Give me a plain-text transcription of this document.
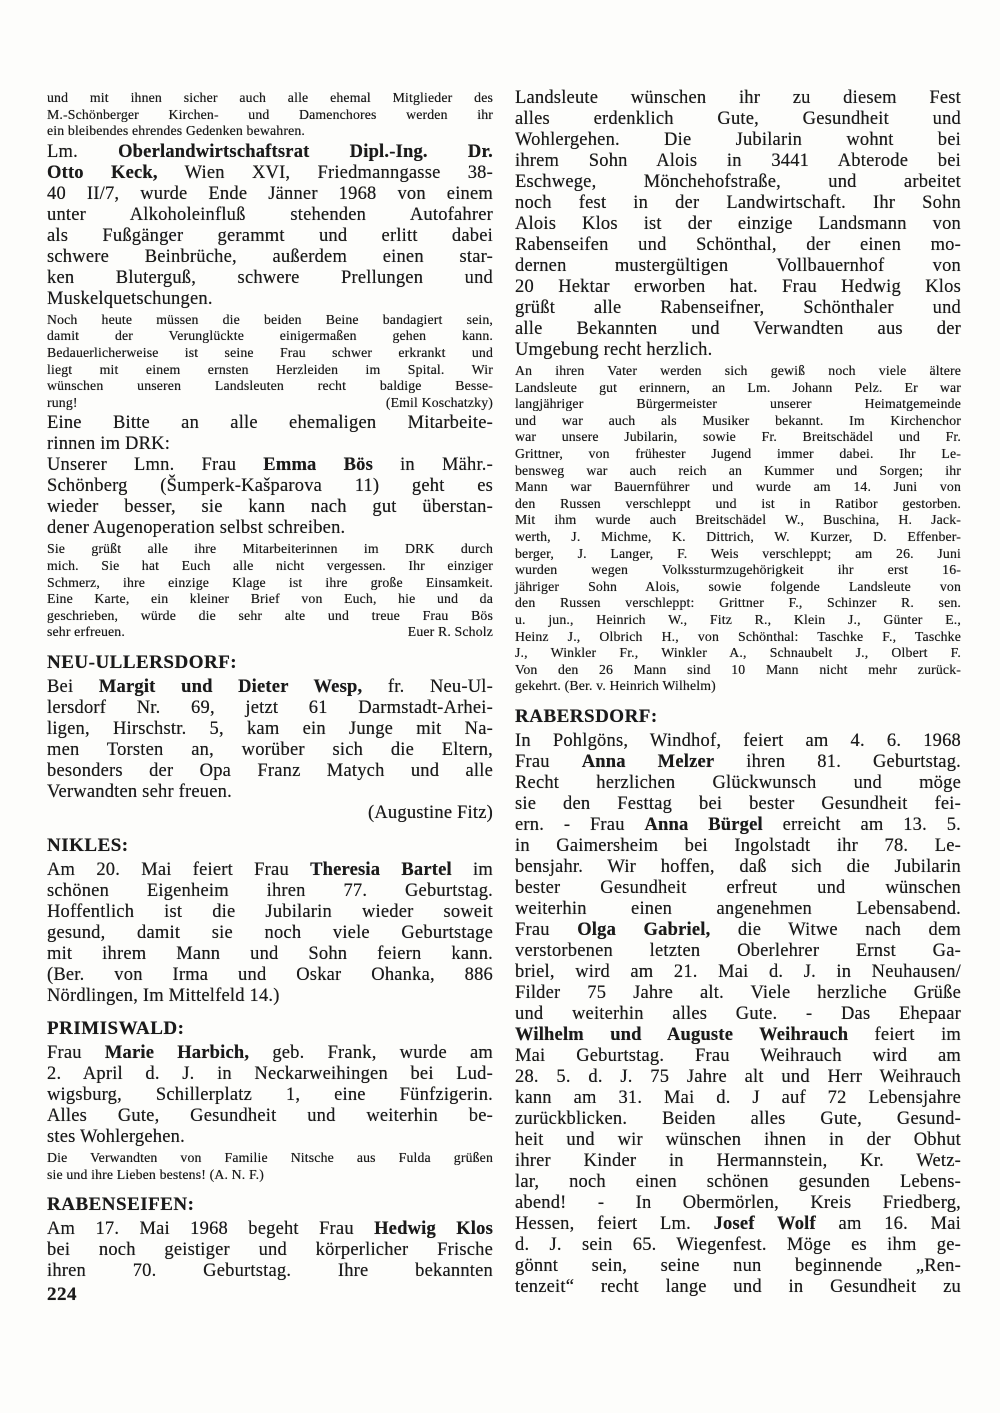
und mit ihnen sicher auch alle ehemal Mitglieder des
M.-Schönberger Kirchen- und Damenchores werden ihr
ein bleibendes ehrendes Gedenken bewahren.
Lm. Oberlandwirtschaftsrat Dipl.-Ing. Dr.
Otto Keck, Wien XVI, Friedmanngasse 38-
40 II/7, wurde Ende Jänner 1968 von einem
unter Alkoholeinfluß stehenden Autofahrer
als Fußgänger gerammt und erlitt dabei
schwere Beinbrüche, außerdem einen star-
ken Bluterguß, schwere Prellungen und
Muskelquetschungen.
Noch heute müssen die beiden Beine bandagiert sein,
damit der Verunglückte einigermaßen gehen kann.
Bedauerlicherweise ist seine Frau schwer erkrankt und
liegt mit einem ernsten Herzleiden im Spital. Wir
wünschen unseren Landsleuten recht baldige Besse-
rung!	(Emil Koschatzky)
Eine Bitte an alle ehemaligen Mitarbeite-
rinnen im DRK:
Unserer Lmn. Frau Emma Bös in Mähr.-
Schönberg (Šumperk-Kašparova 11) geht es
wieder besser, sie kann nach gut überstan-
dener Augenoperation selbst schreiben.
Sie grüßt alle ihre Mitarbeiterinnen im DRK durch
mich. Sie hat Euch alle nicht vergessen. Ihr einziger
Schmerz, ihre einzige Klage ist ihre große Einsamkeit.
Eine Karte, ein kleiner Brief von Euch, hie und da
geschrieben, würde die sehr alte und treue Frau Bös
sehr erfreuen.	Euer R. Scholz
NEU-ULLERSDORF:
Bei Margit und Dieter Wesp, fr. Neu-Ul-
lersdorf Nr. 69, jetzt 61 Darmstadt-Arhei-
ligen, Hirschstr. 5, kam ein Junge mit Na-
men Torsten an, worüber sich die Eltern,
besonders der Opa Franz Matych und alle
Verwandten sehr freuen.
(Augustine Fitz)
NIKLES:
Am 20. Mai feiert Frau Theresia Bartel im
schönen Eigenheim ihren 77. Geburtstag.
Hoffentlich ist die Jubilarin wieder soweit
gesund, damit sie noch viele Geburtstage
mit ihrem Mann und Sohn feiern kann.
(Ber. von Irma und Oskar Ohanka, 886
Nördlingen, Im Mittelfeld 14.)
PRIMISWALD:
Frau Marie Harbich, geb. Frank, wurde am
2. April d. J. in Neckarweihingen bei Lud-
wigsburg, Schillerplatz 1, eine Fünfzigerin.
Alles Gute, Gesundheit und weiterhin be-
stes Wohlergehen.
Die Verwandten von Familie Nitsche aus Fulda grüßen
sie und ihre Lieben bestens! (A. N. F.)
RABENSEIFEN:
Am 17. Mai 1968 begeht Frau Hedwig Klos
bei noch geistiger und körperlicher Frische
ihren 70. Geburtstag. Ihre bekannten
Landsleute wünschen ihr zu diesem Fest
alles erdenklich Gute, Gesundheit und
Wohlergehen. Die Jubilarin wohnt bei
ihrem Sohn Alois in 3441 Abterode bei
Eschwege, Mönchehofstraße, und arbeitet
noch fest in der Landwirtschaft. Ihr Sohn
Alois Klos ist der einzige Landsmann von
Rabenseifen und Schönthal, der einen mo-
dernen mustergültigen Vollbauernhof von
20 Hektar erworben hat. Frau Hedwig Klos
grüßt alle Rabenseifner, Schönthaler und
alle Bekannten und Verwandten aus der
Umgebung recht herzlich.
An ihren Vater werden sich gewiß noch viele ältere
Landsleute gut erinnern, an Lm. Johann Pelz. Er war
langjähriger Bürgermeister unserer Heimatgemeinde
und war auch als Musiker bekannt. Im Kirchenchor
war unsere Jubilarin, sowie Fr. Breitschädel und Fr.
Grittner, von frühester Jugend immer dabei. Ihr Le-
bensweg war auch reich an Kummer und Sorgen; ihr
Mann war Bauernführer und wurde am 14. Juni von
den Russen verschleppt und ist in Ratibor gestorben.
Mit ihm wurde auch Breitschädel W., Buschina, H. Jack-
werth, J. Michme, K. Dittrich, W. Kurzer, D. Effenber-
berger, J. Langer, F. Weis verschleppt; am 26. Juni
wurden wegen Volkssturmzugehörigkeit ihr erst 16-
jähriger Sohn Alois, sowie folgende Landsleute von
den Russen verschleppt: Grittner F., Schinzer R. sen.
u. jun., Heinrich W., Fitz R., Klein J., Günter E.,
Heinz J., Olbrich H., von Schönthal: Taschke F., Taschke
J., Winkler Fr., Winkler A., Schnaubelt J., Olbert F.
Von den 26 Mann sind 10 Mann nicht mehr zurück-
gekehrt. (Ber. v. Heinrich Wilhelm)
RABERSDORF:
In Pohlgöns, Windhof, feiert am 4. 6. 1968
Frau Anna Melzer ihren 81. Geburtstag.
Recht herzlichen Glückwunsch und möge
sie den Festtag bei bester Gesundheit fei-
ern. - Frau Anna Bürgel erreicht am 13. 5.
in Gaimersheim bei Ingolstadt ihr 78. Le-
bensjahr. Wir hoffen, daß sich die Jubilarin
bester Gesundheit erfreut und wünschen
weiterhin einen angenehmen Lebensabend.
Frau Olga Gabriel, die Witwe nach dem
verstorbenen letzten Oberlehrer Ernst Ga-
briel, wird am 21. Mai d. J. in Neuhausen/
Filder 75 Jahre alt. Viele herzliche Grüße
und weiterhin alles Gute. - Das Ehepaar
Wilhelm und Auguste Weihrauch feiert im
Mai Geburtstag. Frau Weihrauch wird am
28. 5. d. J. 75 Jahre alt und Herr Weihrauch
kann am 31. Mai d. J auf 72 Lebensjahre
zurückblicken. Beiden alles Gute, Gesund-
heit und wir wünschen ihnen in der Obhut
ihrer Kinder in Hermannstein, Kr. Wetz-
lar, noch einen schönen gesunden Lebens-
abend! - In Obermörlen, Kreis Friedberg,
Hessen, feiert Lm. Josef Wolf am 16. Mai
d. J. sein 65. Wiegenfest. Möge es ihm ge-
gönnt sein, seine nun beginnende „Ren-
tenzeit“ recht lange und in Gesundheit zu
224
